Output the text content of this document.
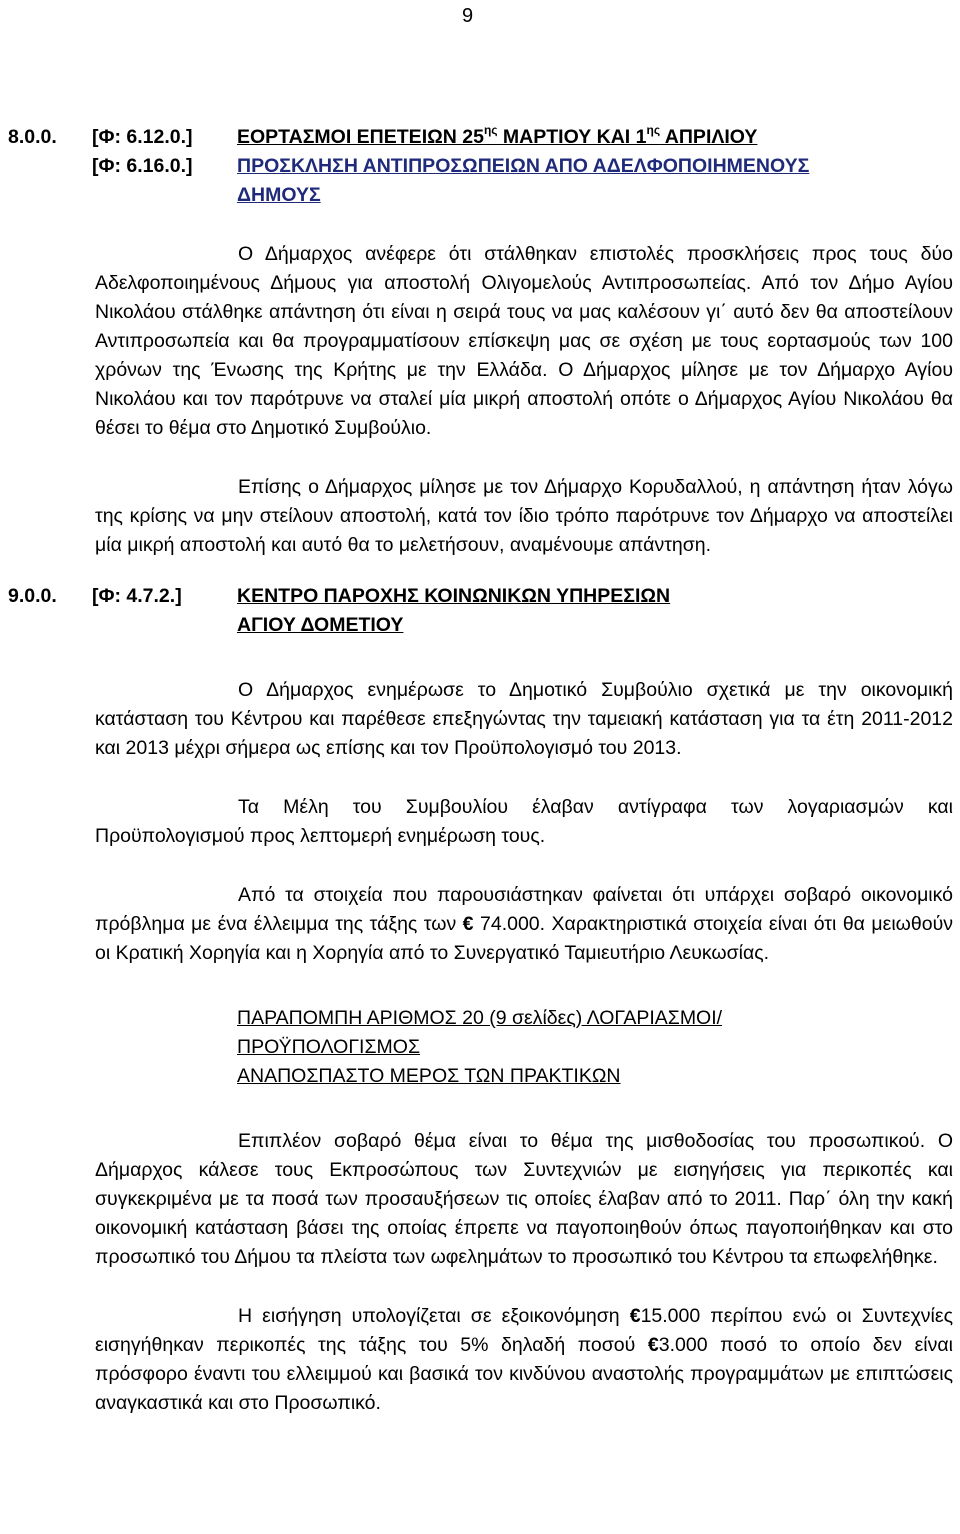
9
8.0.0.	[Φ: 6.12.0.]	ΕΟΡΤΑΣΜΟΙ ΕΠΕΤΕΙΩΝ $25^{\eta\varsigma}$ ΜΑΡΤΙΟΥ ΚΑΙ $1^{\eta\varsigma}$ ΑΠΡΙΛΙΟΥ
[Φ: 6.16.0.]	ΠΡΟΣΚΛΗΣΗ ΑΝΤΙΠΡΟΣΩΠΕΙΩΝ ΑΠΟ ΑΔΕΛΦΟΠΟΙΗΜΕΝΟΥΣ
ΔΗΜΟΥΣ
Ο Δήμαρχος ανέφερε ότι στάλθηκαν επιστολές προσκλήσεις προς τους δύο Αδελφοποιημένους Δήμους για αποστολή Ολιγομελούς Αντιπροσωπείας. Από τον Δήμο Αγίου Νικολάου στάλθηκε απάντηση ότι είναι η σειρά τους να μας καλέσουν γι΄ αυτό δεν θα αποστείλουν Αντιπροσωπεία και θα προγραμματίσουν επίσκεψη μας σε σχέση με τους εορτασμούς των 100 χρόνων της Ένωσης της Κρήτης με την Ελλάδα. Ο Δήμαρχος μίλησε με τον Δήμαρχο Αγίου Νικολάου και τον παρότρυνε να σταλεί μία μικρή αποστολή οπότε ο Δήμαρχος Αγίου Νικολάου θα θέσει το θέμα στο Δημοτικό Συμβούλιο.
Επίσης ο Δήμαρχος μίλησε με τον Δήμαρχο Κορυδαλλού, η απάντηση ήταν λόγω της κρίσης να μην στείλουν αποστολή, κατά τον ίδιο τρόπο παρότρυνε τον Δήμαρχο να αποστείλει μία μικρή αποστολή και αυτό θα το μελετήσουν, αναμένουμε απάντηση.
9.0.0.	[Φ: 4.7.2.]	ΚΕΝΤΡΟ ΠΑΡΟΧΗΣ ΚΟΙΝΩΝΙΚΩΝ ΥΠΗΡΕΣΙΩΝ
ΑΓΙΟΥ ΔΟΜΕΤΙΟΥ
Ο Δήμαρχος ενημέρωσε το Δημοτικό Συμβούλιο σχετικά με την οικονομική κατάσταση του Κέντρου και παρέθεσε επεξηγώντας την ταμειακή κατάσταση για τα έτη 2011-2012 και 2013 μέχρι σήμερα ως επίσης και τον Προϋπολογισμό του 2013.
Τα Μέλη του Συμβουλίου έλαβαν αντίγραφα των λογαριασμών και Προϋπολογισμού προς λεπτομερή ενημέρωση τους.
Από τα στοιχεία που παρουσιάστηκαν φαίνεται ότι υπάρχει σοβαρό οικονομικό πρόβλημα με ένα έλλειμμα της τάξης των € 74.000. Χαρακτηριστικά στοιχεία είναι ότι θα μειωθούν οι Κρατική Χορηγία και η Χορηγία από το Συνεργατικό Ταμιευτήριο Λευκωσίας.
ΠΑΡΑΠΟΜΠΗ ΑΡΙΘΜΟΣ 20 (9 σελίδες) ΛΟΓΑΡΙΑΣΜΟΙ/
ΠΡΟΫΠΟΛΟΓΙΣΜΟΣ
ΑΝΑΠΟΣΠΑΣΤΟ ΜΕΡΟΣ ΤΩΝ ΠΡΑΚΤΙΚΩΝ
Επιπλέον σοβαρό θέμα είναι το θέμα της μισθοδοσίας του προσωπικού. Ο Δήμαρχος κάλεσε τους Εκπροσώπους των Συντεχνιών με εισηγήσεις για περικοπές και συγκεκριμένα με τα ποσά των προσαυξήσεων τις οποίες έλαβαν από το 2011. Παρ΄ όλη την κακή οικονομική κατάσταση βάσει της οποίας έπρεπε να παγοποιηθούν όπως παγοποιήθηκαν και στο προσωπικό του Δήμου τα πλείστα των ωφελημάτων το προσωπικό του Κέντρου τα επωφελήθηκε.
Η εισήγηση υπολογίζεται σε εξοικονόμηση €15.000 περίπου ενώ οι Συντεχνίες εισηγήθηκαν περικοπές της τάξης του 5% δηλαδή ποσού €3.000 ποσό το οποίο δεν είναι πρόσφορο έναντι του ελλειμμού και βασικά τον κινδύνου αναστολής προγραμμάτων με επιπτώσεις αναγκαστικά και στο Προσωπικό.
